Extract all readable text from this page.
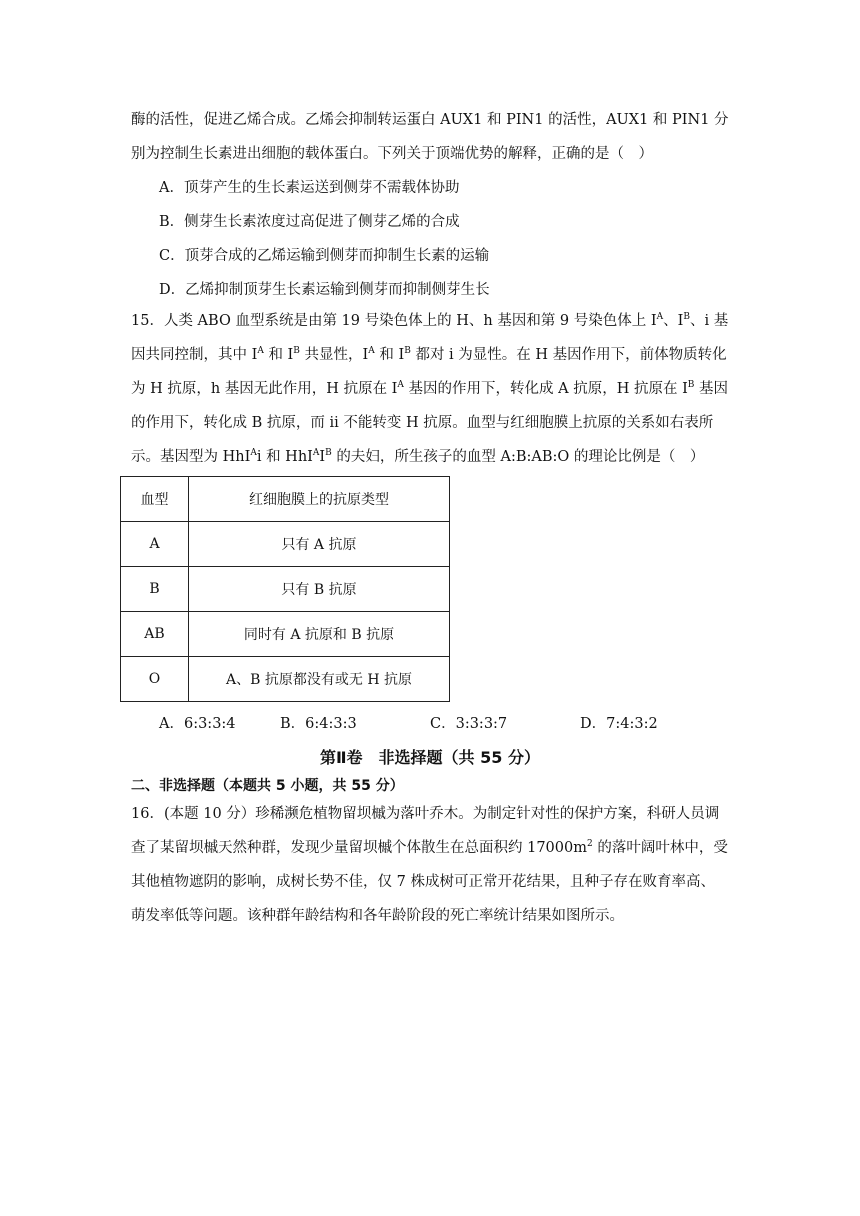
酶的活性，促进乙烯合成。乙烯会抑制转运蛋白 AUX1 和 PIN1 的活性，AUX1 和 PIN1 分
别为控制生长素进出细胞的载体蛋白。下列关于顶端优势的解释，正确的是（　）
A．顶芽产生的生长素运送到侧芽不需载体协助
B．侧芽生长素浓度过高促进了侧芽乙烯的合成
C．顶芽合成的乙烯运输到侧芽而抑制生长素的运输
D．乙烯抑制顶芽生长素运输到侧芽而抑制侧芽生长
15．人类 ABO 血型系统是由第 19 号染色体上的 H、h 基因和第 9 号染色体上 $I^A$、$I^B$、i 基
因共同控制，其中 $I^A$ 和 $I^B$ 共显性，$I^A$ 和 $I^B$ 都对 i 为显性。在 H 基因作用下，前体物质转化
为 H 抗原，h 基因无此作用，H 抗原在 $I^A$ 基因的作用下，转化成 A 抗原，H 抗原在 $I^B$ 基因
的作用下，转化成 B 抗原，而 ii 不能转变 H 抗原。血型与红细胞膜上抗原的关系如右表所
示。基因型为 HhI$^A$i 和 $HhI^AI^B$ 的夫妇，所生孩子的血型 A:B:AB:O 的理论比例是（　）
血型	红细胞膜上的抗原类型
A	只有 A 抗原
B	只有 B 抗原
AB	同时有 A 抗原和 B 抗原
O	A、B 抗原都没有或无 H 抗原
A．6:3:3:4	B．6:4:3:3	C．3:3:3:7	D．7:4:3:2
第Ⅱ卷　非选择题（共 55 分）
二、非选择题（本题共 5 小题，共 55 分）
16．(本题 10 分）珍稀濒危植物留坝槭为落叶乔木。为制定针对性的保护方案，科研人员调
查了某留坝槭天然种群，发现少量留坝槭个体散生在总面积约 $17000m^2$ 的落叶阔叶林中，受
其他植物遮阴的影响，成树长势不佳，仅 7 株成树可正常开花结果，且种子存在败育率高、
萌发率低等问题。该种群年龄结构和各年龄阶段的死亡率统计结果如图所示。
